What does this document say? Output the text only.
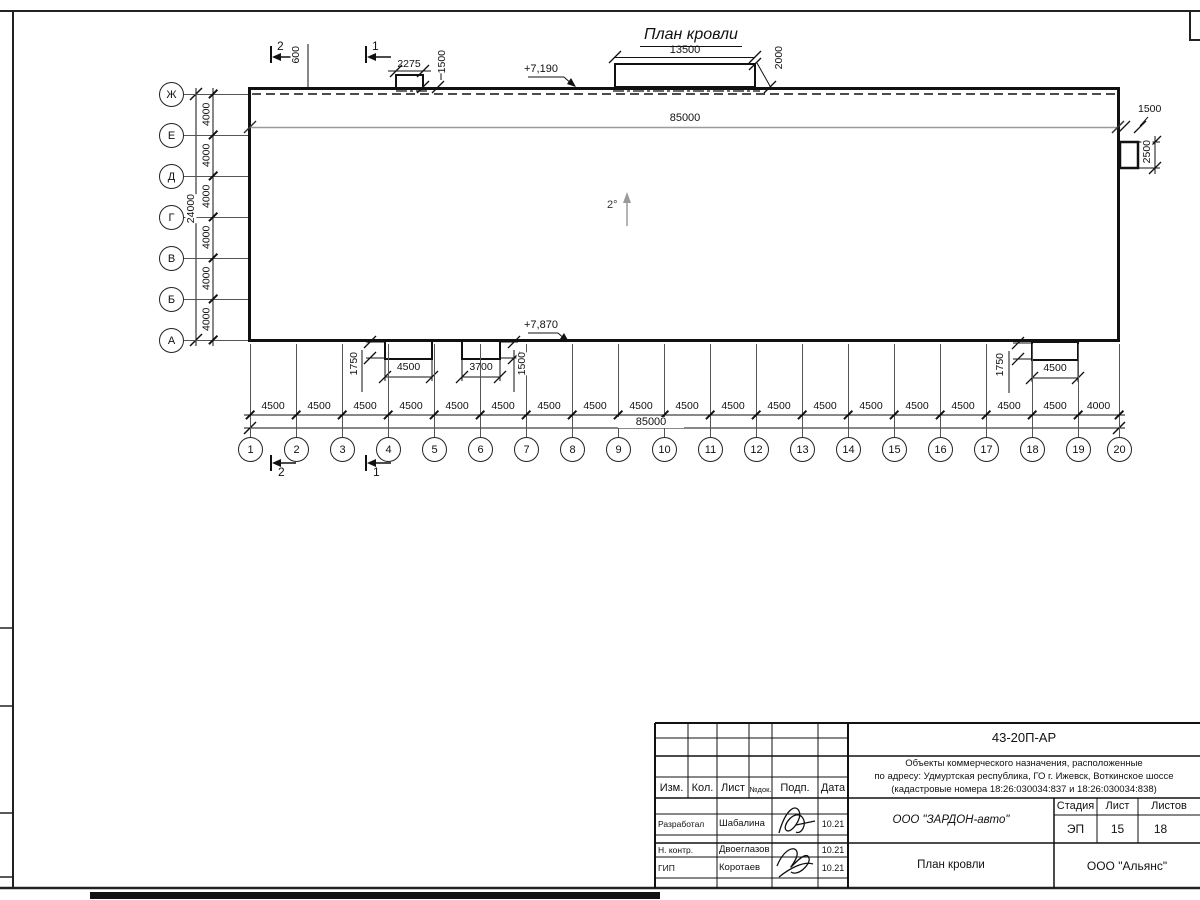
1	2	3	4	5	6	7	8	9	10	11	12	13	14	15	16	17	18	19	20
Ж
Е
Д
Г
В
Б
А
4500	4500	4500	4500	4500	4500	4500	4500	4500	4500	4500	4500	4500	4500	4500	4500	4500	4500	4000
4000
4000
4000
4000
4000
4000
План кровли
85000
85000
24000	2°
+7,190
+7,870
2275	1500	13500	2000
600
1500
2500
4500
1750	3700	1500	4500
1750
2	1
2	1
43-20П-АР
Объекты коммерческого назначения, расположенные
по адресу: Удмуртская республика, ГО г. Ижевск, Воткинское шоссе
(кадастровые номера 18:26:030034:837 и 18:26:030034:838)
Изм. Кол. Лист №док. Подп.	Дата
Разработал Шабалина	10.21
Н. контр.	Двоеглазов	10.21
ГИП	Коротаев	10.21
ООО "ЗАРДОН-авто"
Стадия	Лист	Листов
ЭП	15	18
План кровли	ООО "Альянс"
